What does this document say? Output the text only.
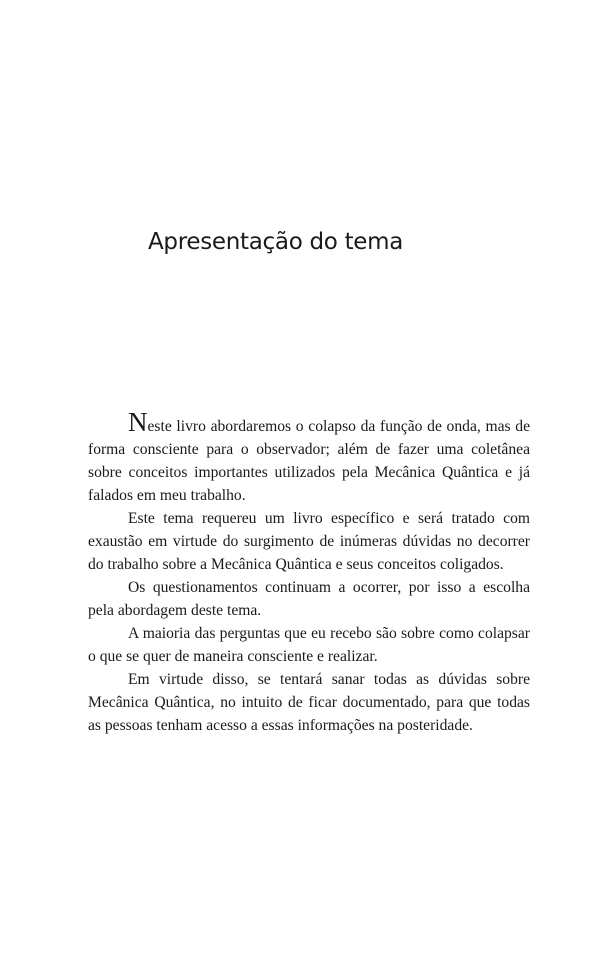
Apresentação do tema

Neste livro abordaremos o colapso da função de onda, mas de forma consciente para o observador; além de fazer uma coletânea sobre conceitos importantes utilizados pela Mecânica Quântica e já falados em meu trabalho.

Este tema requereu um livro específico e será tratado com exaustão em virtude do surgimento de inúmeras dúvidas no decorrer do trabalho sobre a Mecânica Quântica e seus conceitos coligados.

Os questionamentos continuam a ocorrer, por isso a escolha pela abordagem deste tema.

A maioria das perguntas que eu recebo são sobre como colapsar o que se quer de maneira consciente e realizar.

Em virtude disso, se tentará sanar todas as dúvidas sobre Mecânica Quântica, no intuito de ficar documentado, para que todas as pessoas tenham acesso a essas informações na posteridade.
